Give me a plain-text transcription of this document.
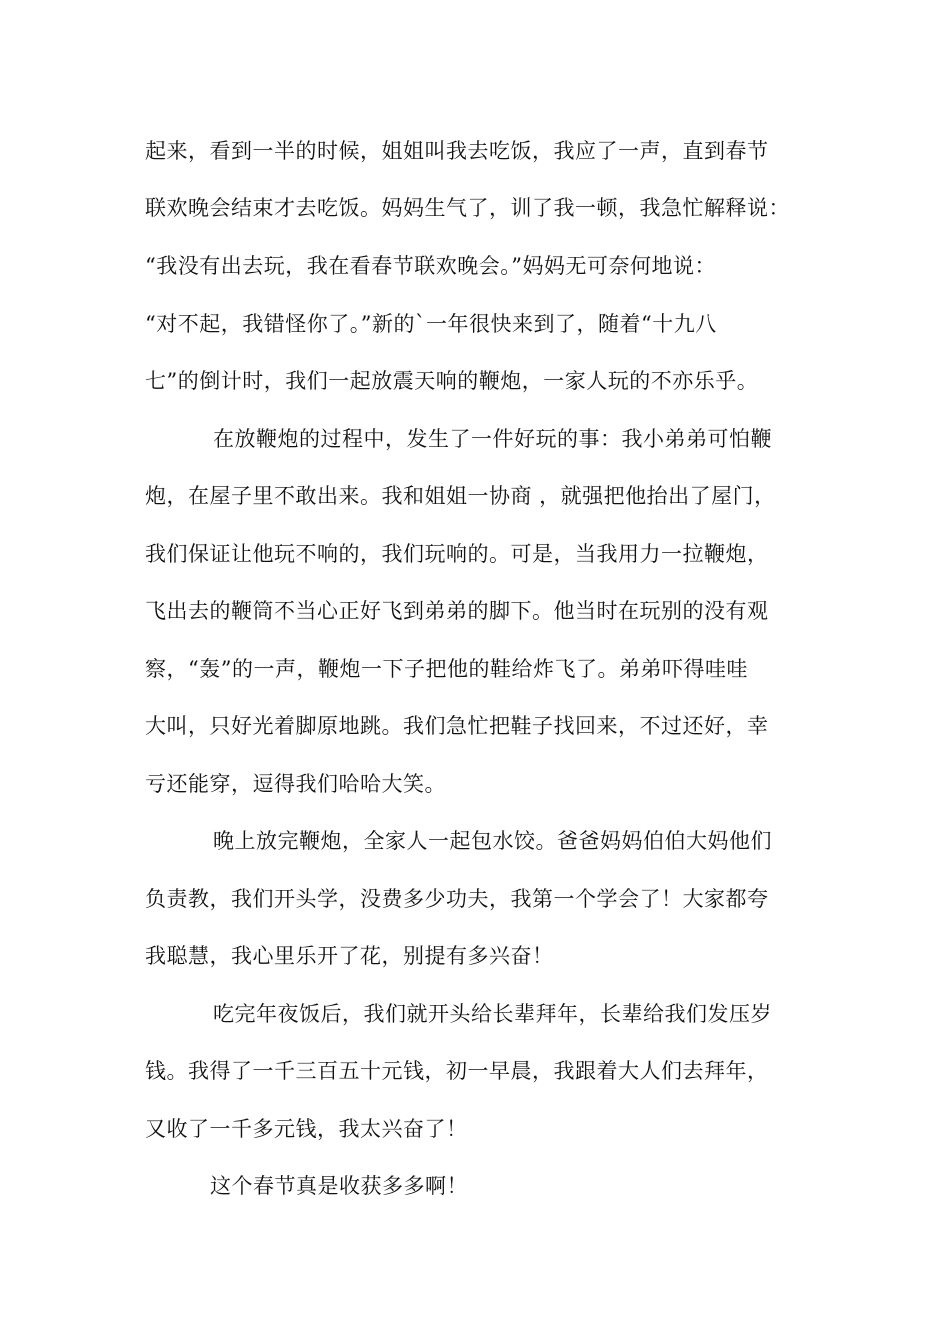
起来，看到一半的时候，姐姐叫我去吃饭，我应了一声，直到春节
联欢晚会结束才去吃饭。妈妈生气了，训了我一顿，我急忙解释说：
“我没有出去玩，我在看春节联欢晚会。”妈妈无可奈何地说：
“对不起，我错怪你了。”新的`一年很快来到了，随着“十九八
七”的倒计时，我们一起放震天响的鞭炮，一家人玩的不亦乐乎。
在放鞭炮的过程中，发生了一件好玩的事：我小弟弟可怕鞭
炮，在屋子里不敢出来。我和姐姐一协商 ，就强把他抬出了屋门，
我们保证让他玩不响的，我们玩响的。可是，当我用力一拉鞭炮，
飞出去的鞭筒不当心正好飞到弟弟的脚下。他当时在玩别的没有观
察，“轰”的一声，鞭炮一下子把他的鞋给炸飞了。弟弟吓得哇哇
大叫，只好光着脚原地跳。我们急忙把鞋子找回来，不过还好，幸
亏还能穿，逗得我们哈哈大笑。
晚上放完鞭炮，全家人一起包水饺。爸爸妈妈伯伯大妈他们
负责教，我们开头学，没费多少功夫，我第一个学会了！大家都夸
我聪慧，我心里乐开了花，别提有多兴奋！
吃完年夜饭后，我们就开头给长辈拜年，长辈给我们发压岁
钱。我得了一千三百五十元钱，初一早晨，我跟着大人们去拜年，
又收了一千多元钱，我太兴奋了！
这个春节真是收获多多啊！
